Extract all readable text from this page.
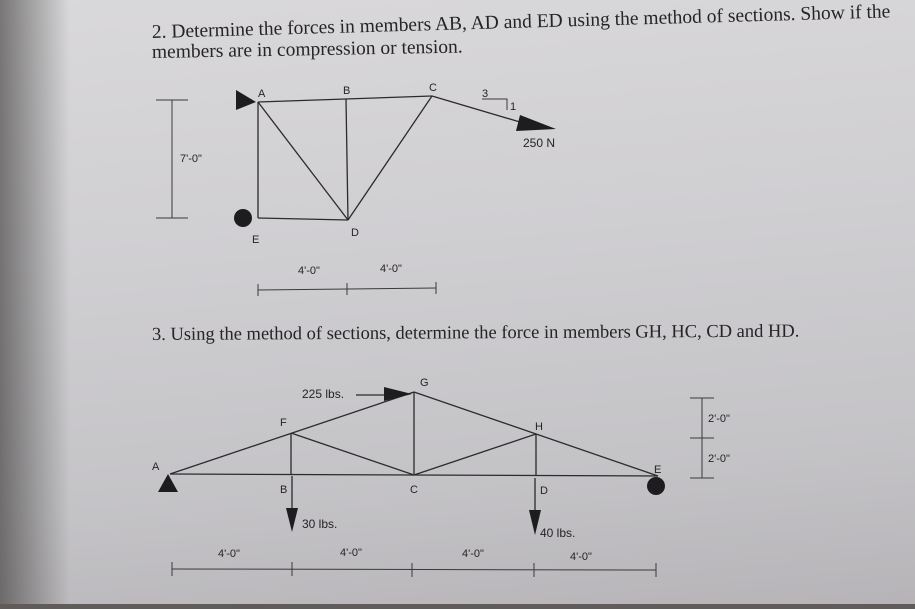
2. Determine the forces in members AB, AD and ED using the method of sections. Show if the
members are in compression or tension.
3
1
250 N
A	B	C
D
E
7'-0"
4'-0"	4'-0"
3. Using the method of sections, determine the force in members GH, HC, CD and HD.
225 lbs.
30 lbs.
40 lbs.
A
B	C	D
E
F
G
H
2'-0"
2'-0"
4'-0"	4'-0"	4'-0"	4'-0"
